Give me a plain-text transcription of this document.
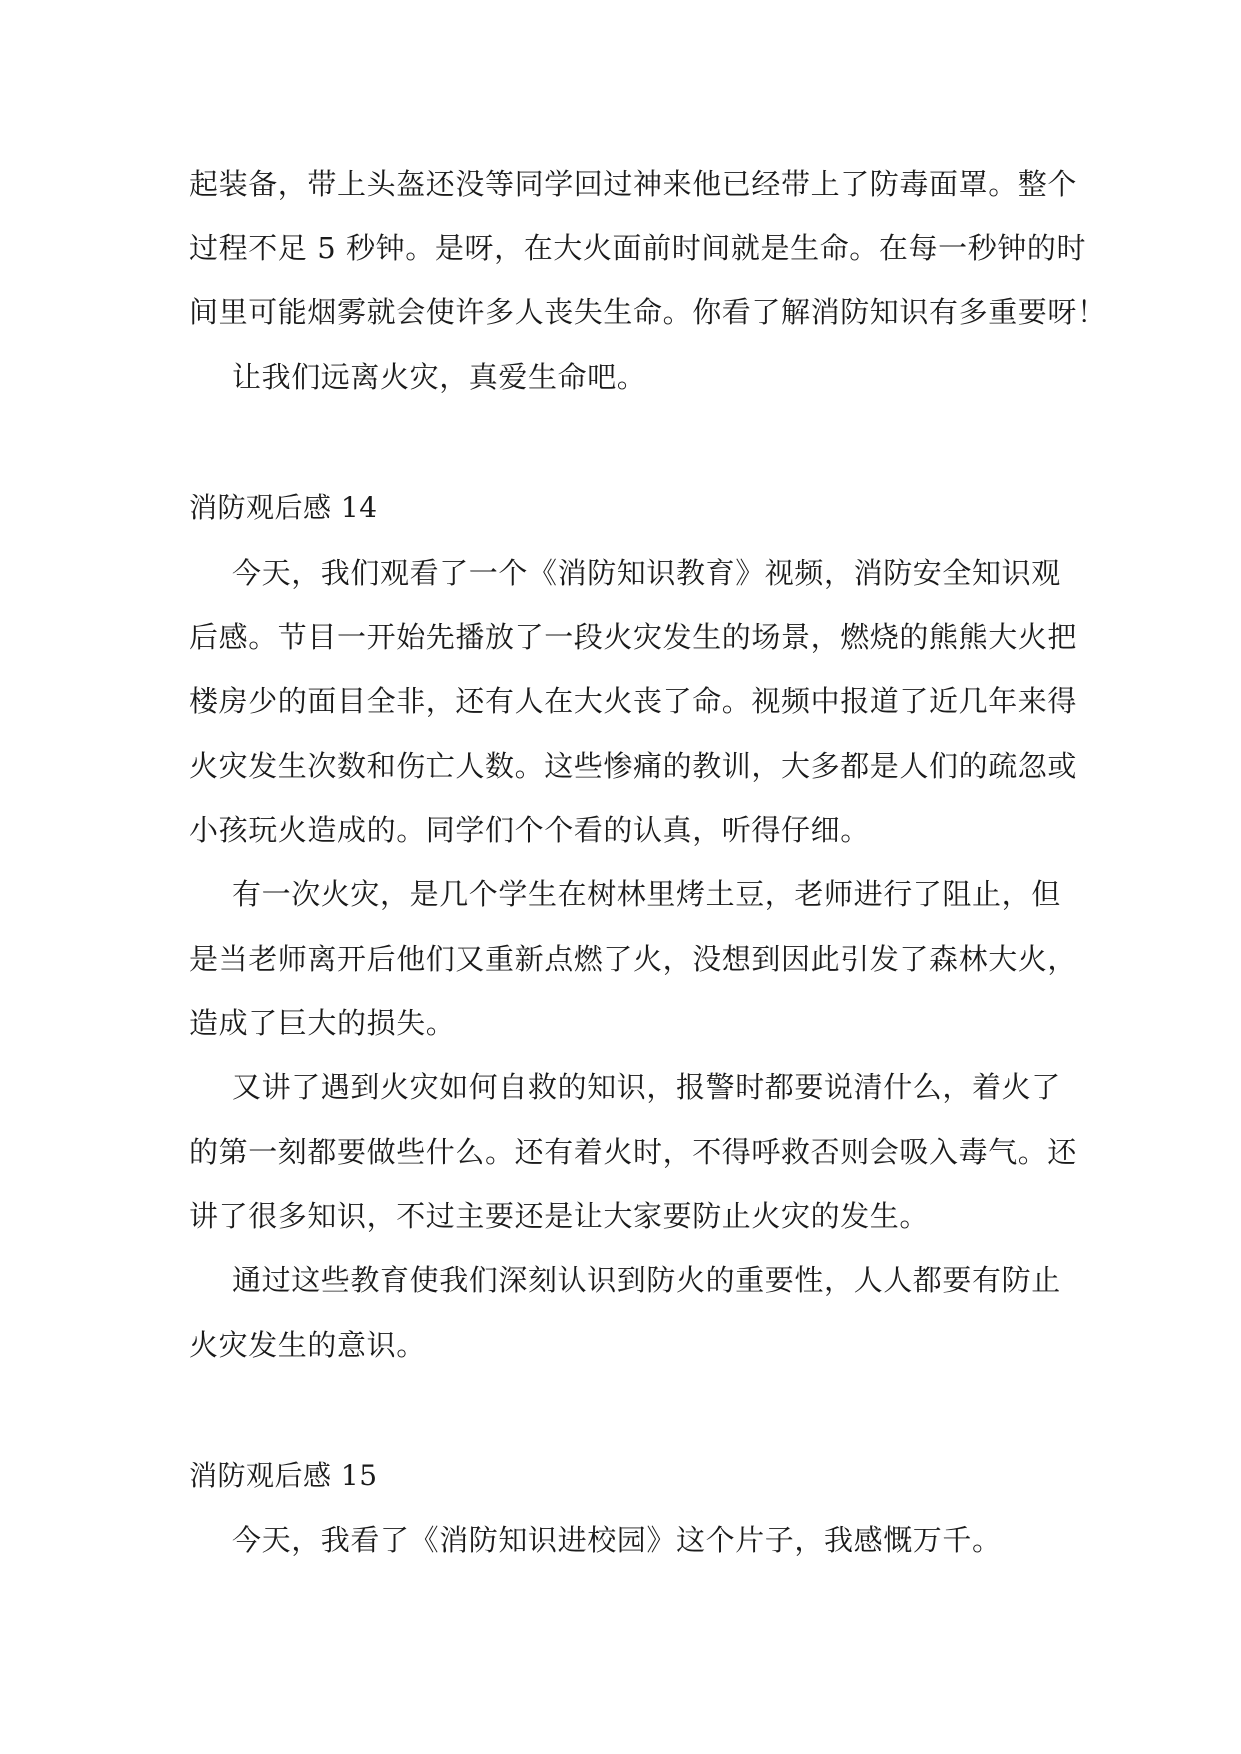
起装备，带上头盔还没等同学回过神来他已经带上了防毒面罩。整个

过程不足 5 秒钟。是呀，在大火面前时间就是生命。在每一秒钟的时

间里可能烟雾就会使许多人丧失生命。你看了解消防知识有多重要呀！

让我们远离火灾，真爱生命吧。

消防观后感 14

今天，我们观看了一个《消防知识教育》视频，消防安全知识观

后感。节目一开始先播放了一段火灾发生的场景，燃烧的熊熊大火把

楼房少的面目全非，还有人在大火丧了命。视频中报道了近几年来得

火灾发生次数和伤亡人数。这些惨痛的教训，大多都是人们的疏忽或

小孩玩火造成的。同学们个个看的认真，听得仔细。

有一次火灾，是几个学生在树林里烤土豆，老师进行了阻止，但

是当老师离开后他们又重新点燃了火，没想到因此引发了森林大火，

造成了巨大的损失。

又讲了遇到火灾如何自救的知识，报警时都要说清什么，着火了

的第一刻都要做些什么。还有着火时，不得呼救否则会吸入毒气。还

讲了很多知识，不过主要还是让大家要防止火灾的发生。

通过这些教育使我们深刻认识到防火的重要性，人人都要有防止

火灾发生的意识。

消防观后感 15

今天，我看了《消防知识进校园》这个片子，我感慨万千。
